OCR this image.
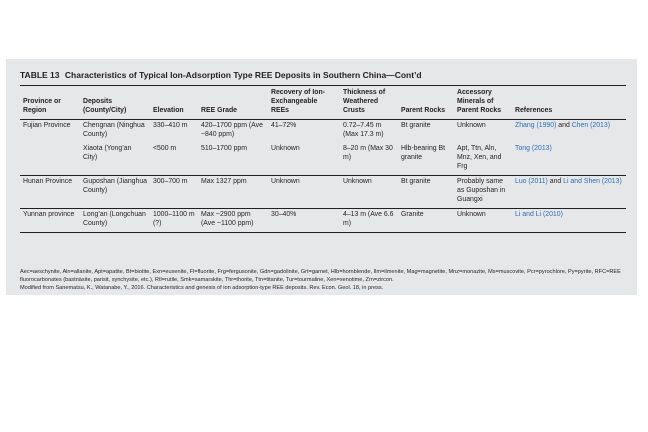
TABLE 13 Characteristics of Typical Ion-Adsorption Type REE Deposits in Southern China—Cont’d
Province or Region	Deposits (County/City)	Elevation	REE Grade	Recovery of Ion-Exchangeable REEs	Thickness of Weathered Crusts	Parent Rocks	Accessory Minerals of Parent Rocks	References
Fujian Province	Chengnan (Ninghua County)	330–410 m	420–1700 ppm (Ave ~840 ppm)	41–72%	0.72–7.45 m (Max 17.3 m)	Bt granite	Unknown	Zhang (1990) and Chen (2013)
	Xiaota (Yong’an City)	<500 m	510–1700 ppm	Unknown	8–20 m (Max 30 m)	Hlb-bearing Bt granite	Apt, Ttn, Aln, Mnz, Xen, and Frg	Tong (2013)
Hunan Province	Guposhan (Jianghua County)	300–700 m	Max 1327 ppm	Unknown	Unknown	Bt granite	Probably same as Guposhan in Guangxi	Luo (2011) and Li and Shen (2013)
Yunnan province	Long’an (Longchuan County)	1000–1100 m (?)	Max ~2900 ppm (Ave ~1100 ppm)	30–40%	4–13 m (Ave 6.6 m)	Granite	Unknown	Li and Li (2010)
Aec=aeschynite, Aln=allanite, Apt=apatite, Bt=biotite, Exn=euxenite, Fl=fluorite, Frg=fergusonite, Gdn=gadolinite, Grt=garnet, Hlb=hornblende, Ilm=ilmenite, Mag=magnetite, Mnz=monazite, Ms=muscovite, Pcr=pyrochlore, Py=pyrite, RFC=REE fluorocarbonates (bastnäsite, parisit, synchysite, etc.), Rtl=rutile, Smk=samarskite, Thr=thorite, Ttn=titanite, Tur=tourmaline, Xen=xenotime, Zrn=zircon.
Modified from Sanematsu, K., Watanabe, Y., 2016. Characteristics and genesis of ion adsorption-type REE deposits. Rev. Econ. Geol. 18, in press.
